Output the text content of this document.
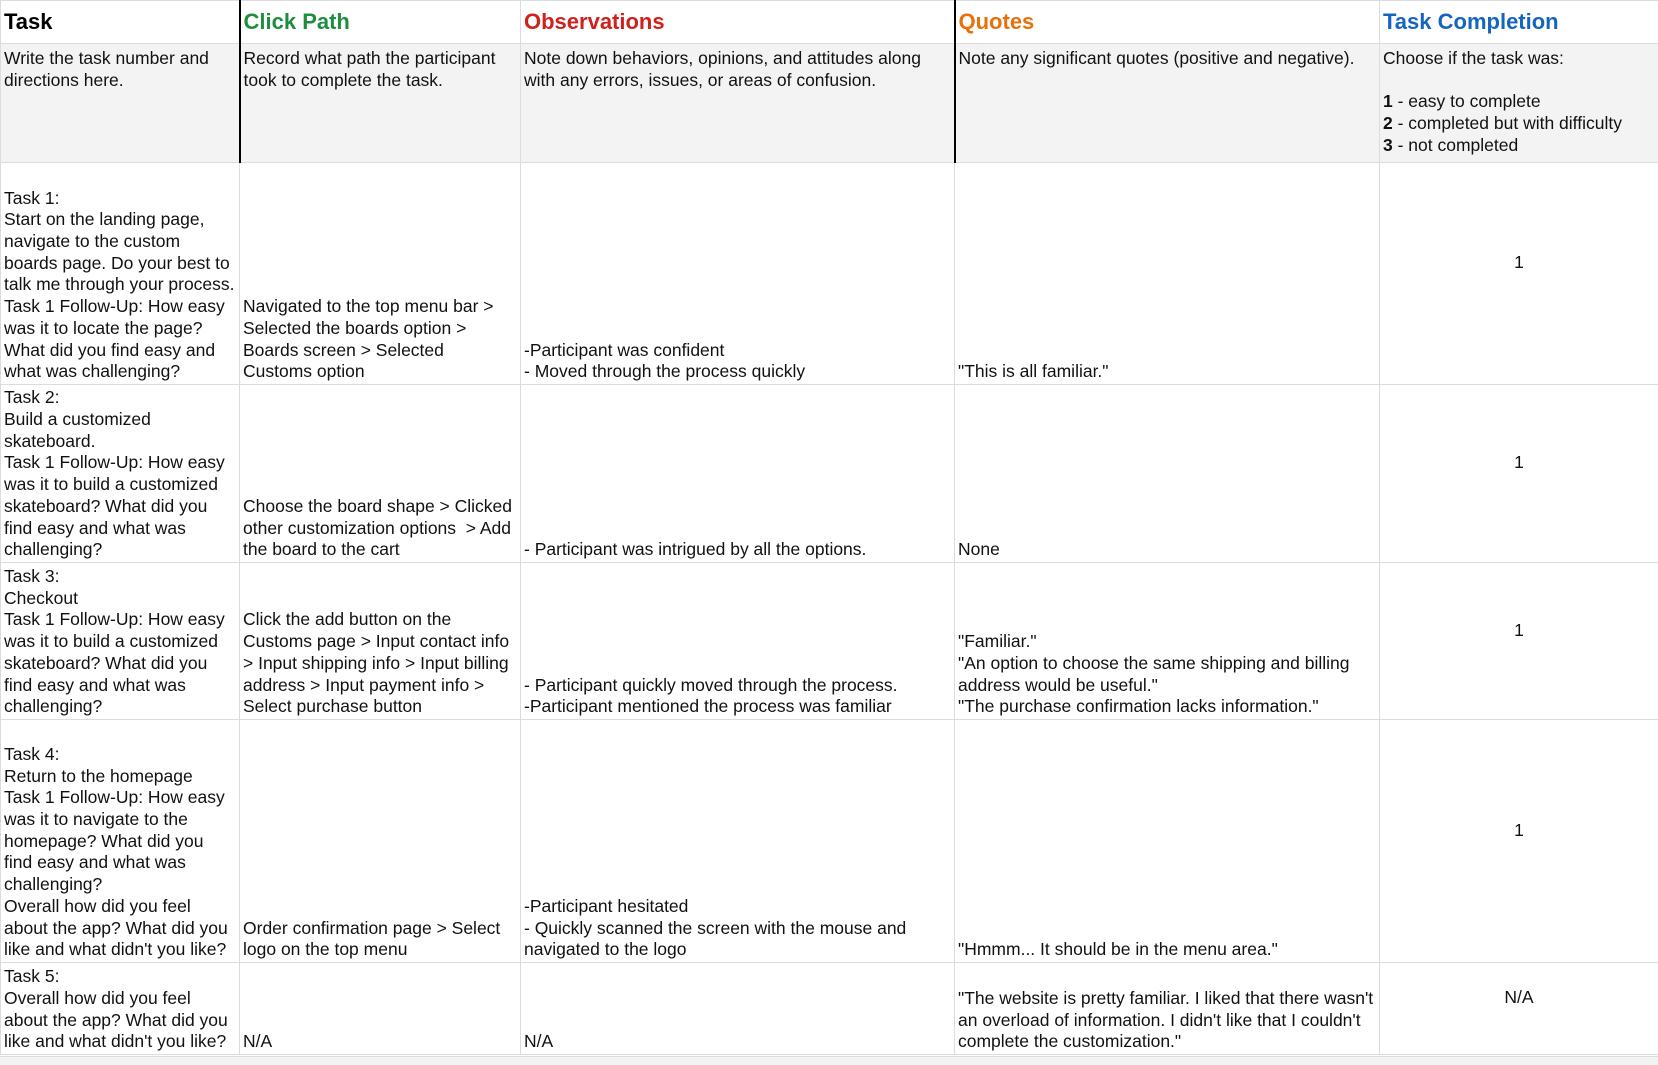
Task	Click Path	Observations	Quotes	Task Completion
Write the task number and directions here.	Record what path the participant took to complete the task.	Note down behaviors, opinions, and attitudes along with any errors, issues, or areas of confusion.	Note any significant quotes (positive and negative).	Choose if the task was:
1 - easy to complete
2 - completed but with difficulty
3 - not completed

Task 1:
Start on the landing page, navigate to the custom boards page. Do your best to talk me through your process.
Task 1 Follow-Up: How easy was it to locate the page? What did you find easy and what was challenging?	Navigated to the top menu bar > Selected the boards option > Boards screen > Selected Customs option	-Participant was confident
- Moved through the process quickly	"This is all familiar."	1
Task 2:
Build a customized skateboard.
Task 1 Follow-Up: How easy was it to build a customized skateboard? What did you find easy and what was challenging?	Choose the board shape > Clicked other customization options  > Add the board to the cart	- Participant was intrigued by all the options.	None	1
Task 3:
Checkout
Task 1 Follow-Up: How easy was it to build a customized skateboard? What did you find easy and what was challenging?	Click the add button on the Customs page > Input contact info > Input shipping info > Input billing address > Input payment info > Select purchase button	- Participant quickly moved through the process.
-Participant mentioned the process was familiar	"Familiar."
"An option to choose the same shipping and billing address would be useful."
"The purchase confirmation lacks information."	1
Task 4:
Return to the homepage
Task 1 Follow-Up: How easy was it to navigate to the homepage? What did you find easy and what was challenging?
Overall how did you feel about the app? What did you like and what didn't you like?	Order confirmation page > Select logo on the top menu	-Participant hesitated
- Quickly scanned the screen with the mouse and navigated to the logo	"Hmmm... It should be in the menu area."	1
Task 5:
Overall how did you feel about the app? What did you like and what didn't you like?	N/A	N/A	"The website is pretty familiar. I liked that there wasn't an overload of information. I didn't like that I couldn't complete the customization."	N/A
